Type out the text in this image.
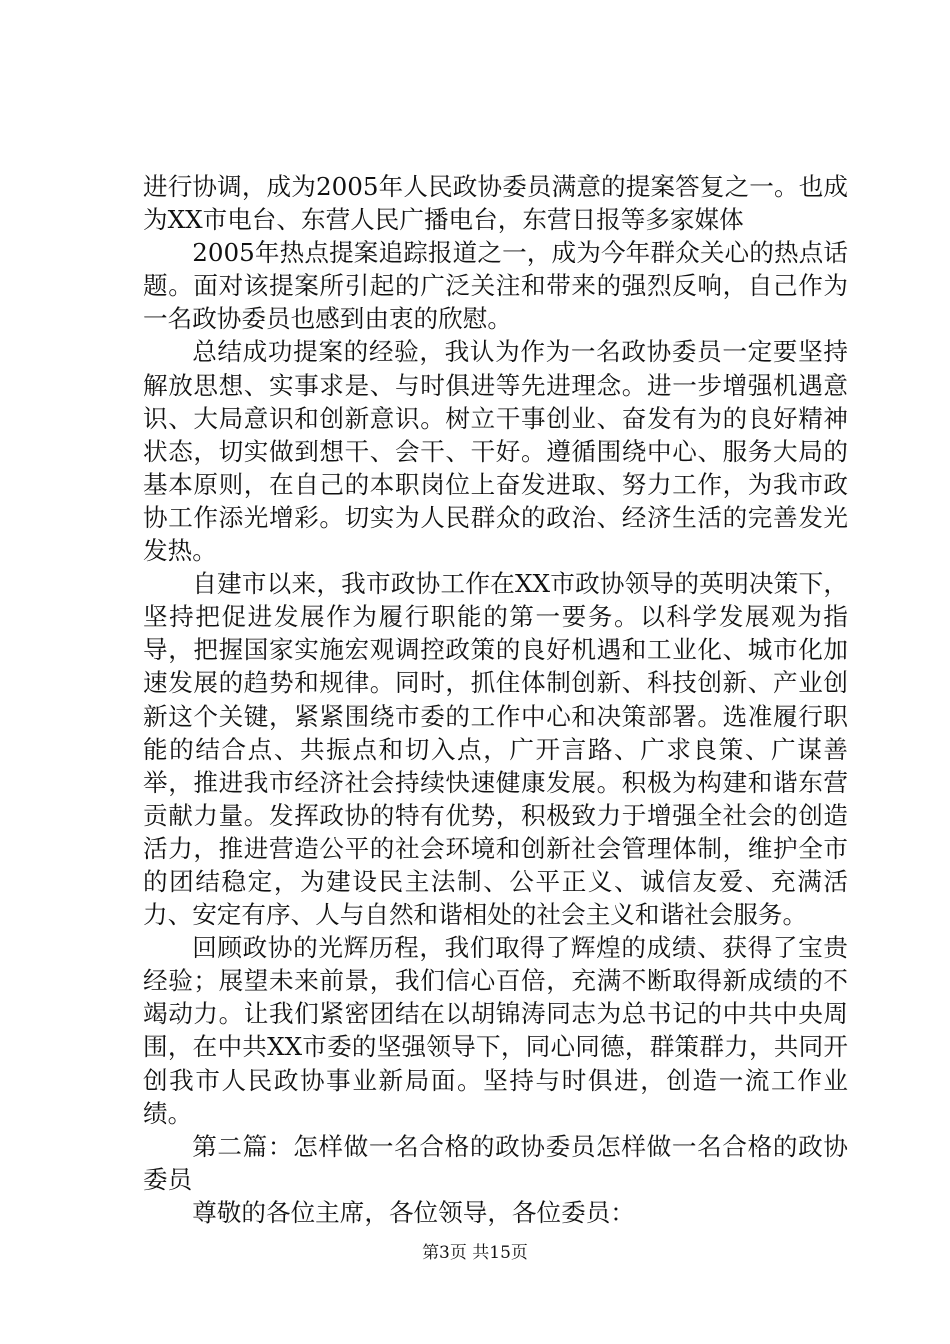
进行协调，成为2005年人民政协委员满意的提案答复之一。也成为XX市电台、东营人民广播电台，东营日报等多家媒体

2005年热点提案追踪报道之一，成为今年群众关心的热点话题。面对该提案所引起的广泛关注和带来的强烈反响，自己作为一名政协委员也感到由衷的欣慰。

总结成功提案的经验，我认为作为一名政协委员一定要坚持解放思想、实事求是、与时俱进等先进理念。进一步增强机遇意识、大局意识和创新意识。树立干事创业、奋发有为的良好精神状态，切实做到想干、会干、干好。遵循围绕中心、服务大局的基本原则，在自己的本职岗位上奋发进取、努力工作，为我市政协工作添光增彩。切实为人民群众的政治、经济生活的完善发光发热。

自建市以来，我市政协工作在XX市政协领导的英明决策下，坚持把促进发展作为履行职能的第一要务。以科学发展观为指导，把握国家实施宏观调控政策的良好机遇和工业化、城市化加速发展的趋势和规律。同时，抓住体制创新、科技创新、产业创新这个关键，紧紧围绕市委的工作中心和决策部署。选准履行职能的结合点、共振点和切入点，广开言路、广求良策、广谋善举，推进我市经济社会持续快速健康发展。积极为构建和谐东营贡献力量。发挥政协的特有优势，积极致力于增强全社会的创造活力，推进营造公平的社会环境和创新社会管理体制，维护全市的团结稳定，为建设民主法制、公平正义、诚信友爱、充满活力、安定有序、人与自然和谐相处的社会主义和谐社会服务。

回顾政协的光辉历程，我们取得了辉煌的成绩、获得了宝贵经验；展望未来前景，我们信心百倍，充满不断取得新成绩的不竭动力。让我们紧密团结在以胡锦涛同志为总书记的中共中央周围，在中共XX市委的坚强领导下，同心同德，群策群力，共同开创我市人民政协事业新局面。坚持与时俱进，创造一流工作业绩。

第二篇：怎样做一名合格的政协委员怎样做一名合格的政协委员

尊敬的各位主席，各位领导，各位委员：

第3页 共15页
